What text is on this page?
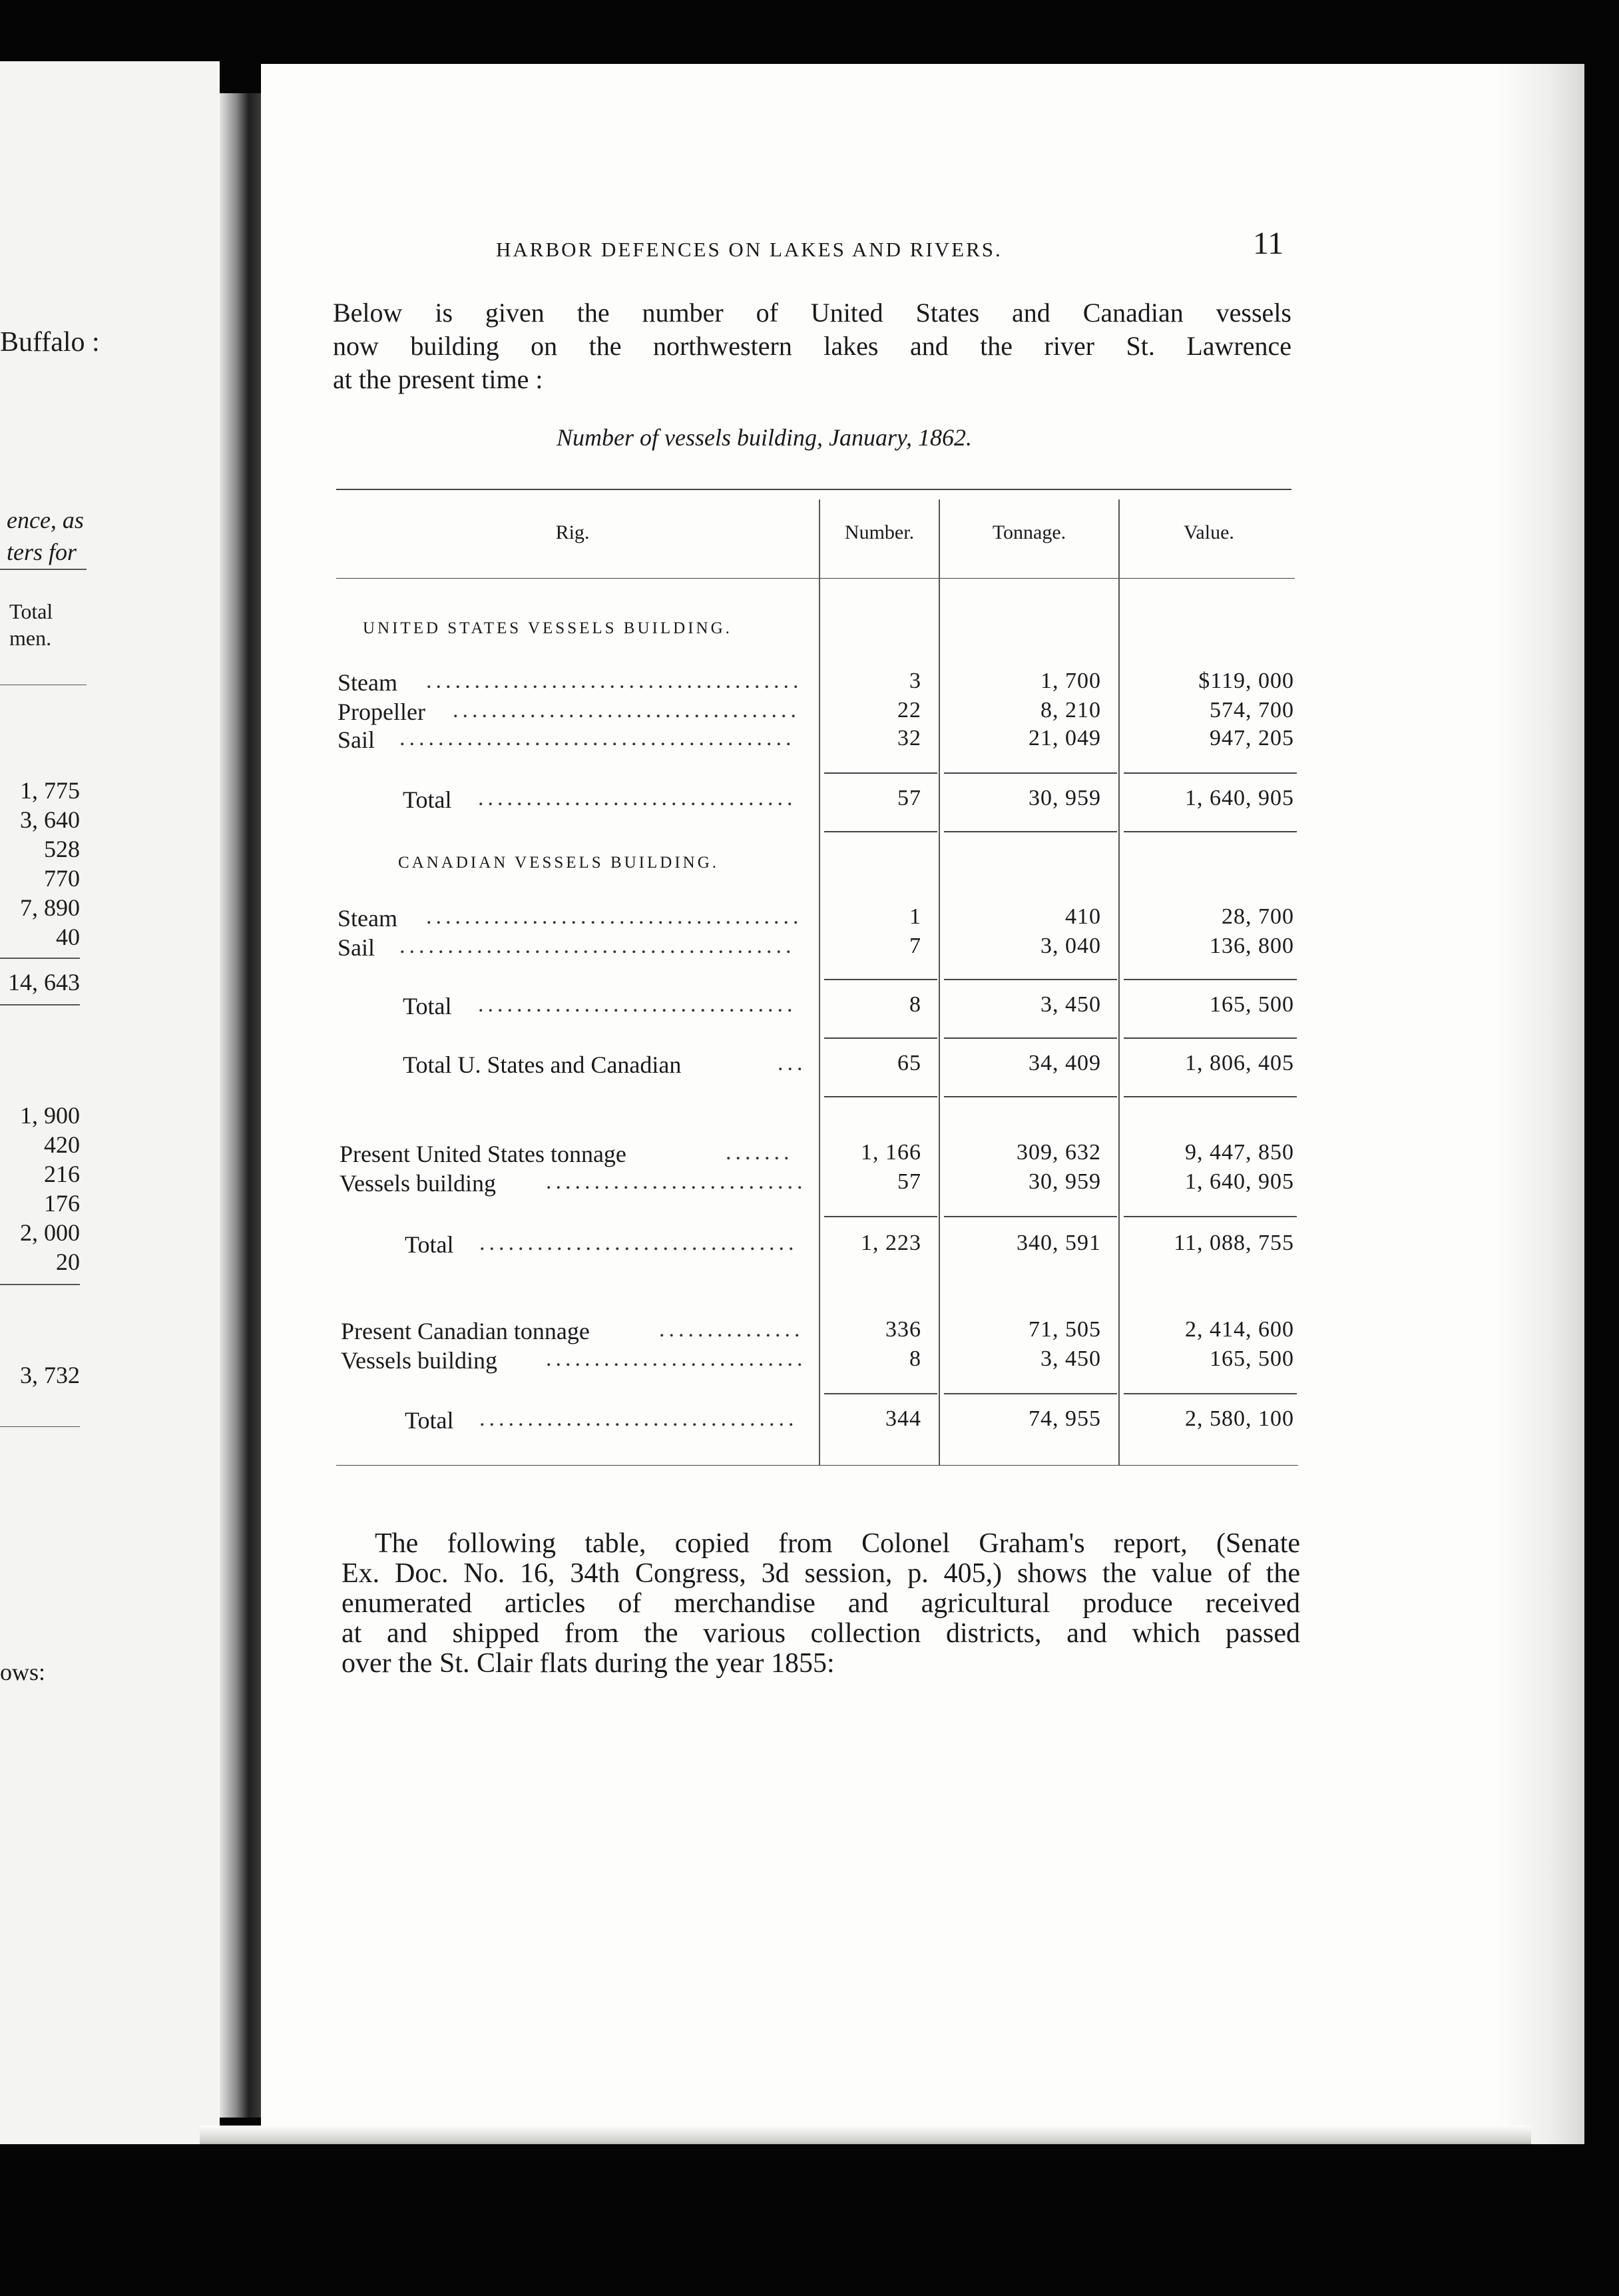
Buffalo :
ence, as
ters for
Total
men.
1, 775
3, 640
528
770
7, 890
40
14, 643
1, 900
420
216
176
2, 000
20
3, 732
ows:
HARBOR DEFENCES ON LAKES AND RIVERS.	11
Below is given the number of United States and Canadian vessels
now building on the northwestern lakes and the river St. Lawrence
at the present time :
Number of vessels building, January, 1862.
Rig.	Number.	Tonnage.	Value.
UNITED STATES VESSELS BUILDING.
Steam .......................................	3	1, 700	$119, 000
Propeller ....................................	22	8, 210	574, 700
Sail .........................................	32	21, 049	947, 205
Total .................................	57	30, 959	1, 640, 905
CANADIAN VESSELS BUILDING.
Steam .......................................	1	410	28, 700
Sail .........................................	7	3, 040	136, 800
Total .................................	8	3, 450	165, 500
Total U. States and Canadian	...	65	34, 409	1, 806, 405
Present United States tonnage	.......	1, 166	309, 632	9, 447, 850
Vessels building ...........................	57	30, 959	1, 640, 905
Total .................................	1, 223	340, 591	11, 088, 755
Present Canadian tonnage	...............	336	71, 505	2, 414, 600
Vessels building ...........................	8	3, 450	165, 500
Total .................................	344	74, 955	2, 580, 100
The following table, copied from Colonel Graham's report, (Senate
Ex. Doc. No. 16, 34th Congress, 3d session, p. 405,) shows the value of the
enumerated articles of merchandise and agricultural produce received
at and shipped from the various collection districts, and which passed
over the St. Clair flats during the year 1855:
